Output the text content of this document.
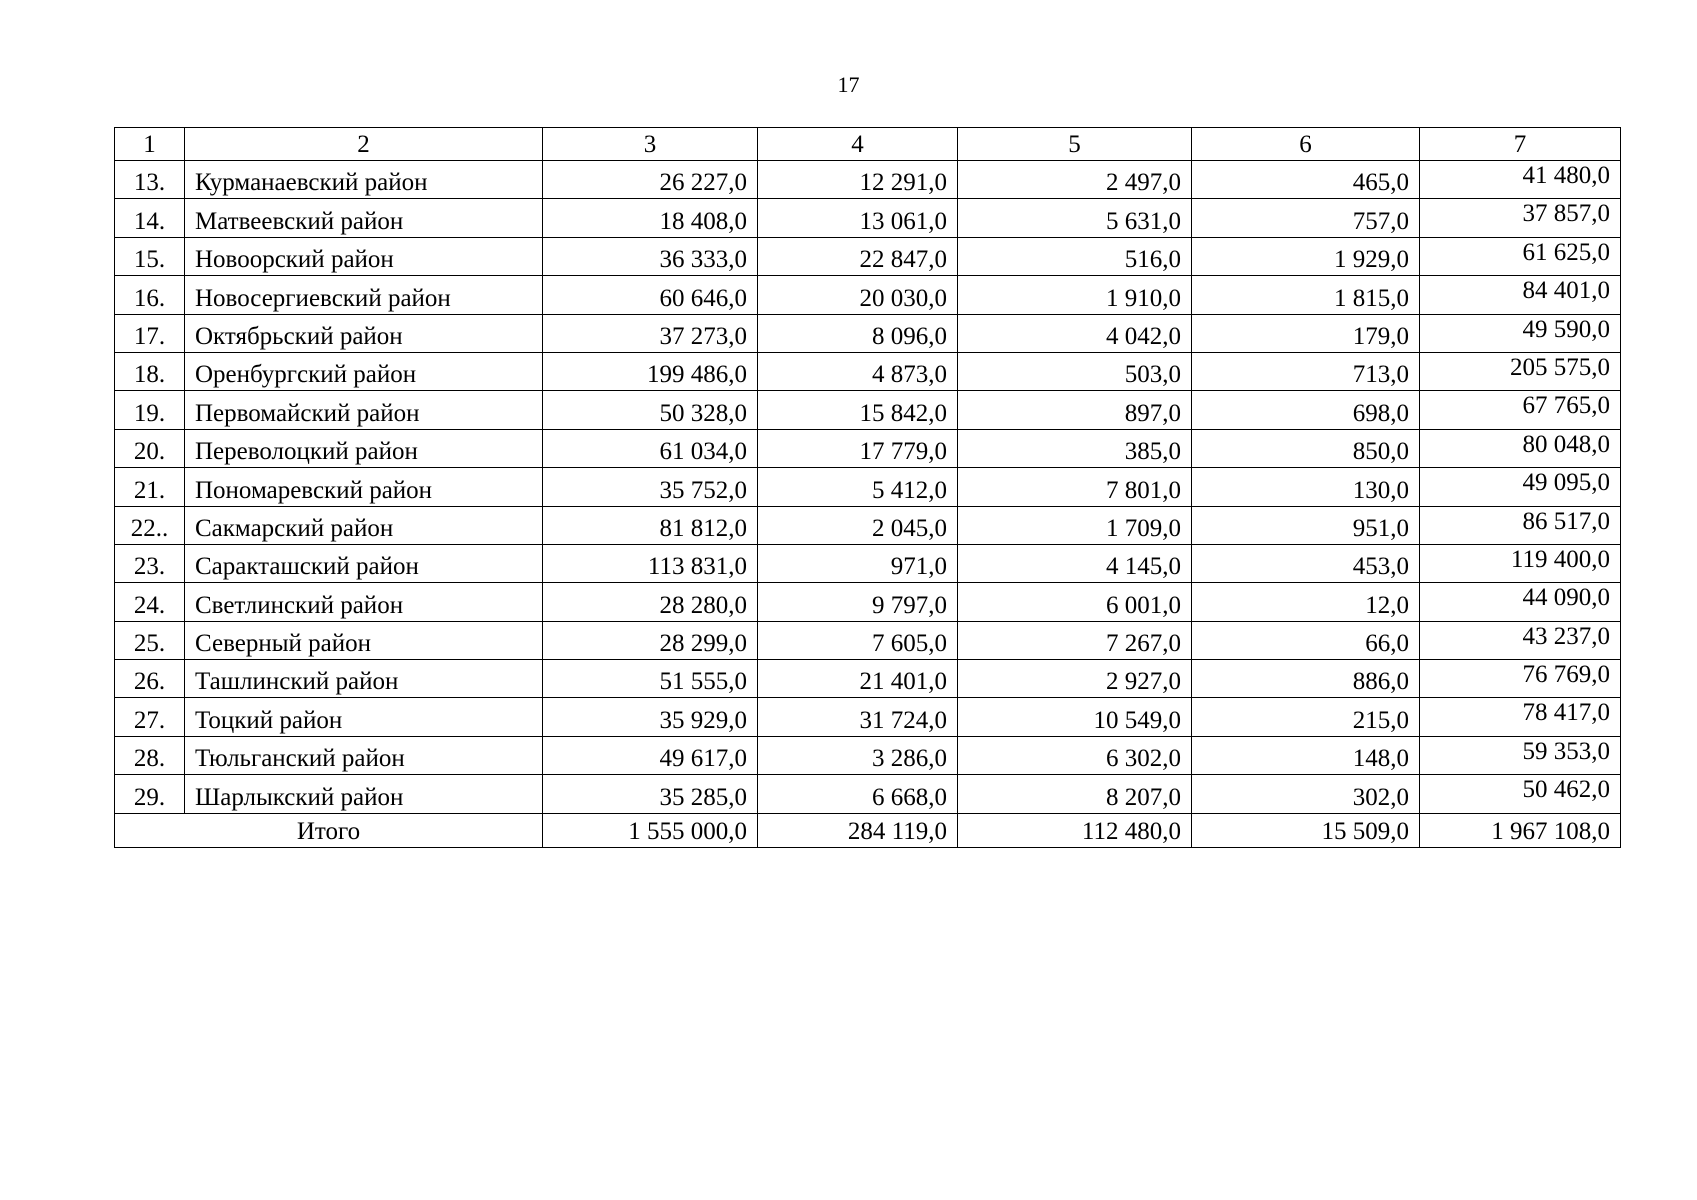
17
1	2	3	4	5	6	7
13.	Курманаевский район	26 227,0	12 291,0	2 497,0	465,0	41 480,0
14.	Матвеевский район	18 408,0	13 061,0	5 631,0	757,0	37 857,0
15.	Новоорский район	36 333,0	22 847,0	516,0	1 929,0	61 625,0
16.	Новосергиевский район	60 646,0	20 030,0	1 910,0	1 815,0	84 401,0
17.	Октябрьский район	37 273,0	8 096,0	4 042,0	179,0	49 590,0
18.	Оренбургский район	199 486,0	4 873,0	503,0	713,0	205 575,0
19.	Первомайский район	50 328,0	15 842,0	897,0	698,0	67 765,0
20.	Переволоцкий район	61 034,0	17 779,0	385,0	850,0	80 048,0
21.	Пономаревский район	35 752,0	5 412,0	7 801,0	130,0	49 095,0
22..	Сакмарский район	81 812,0	2 045,0	1 709,0	951,0	86 517,0
23.	Саракташский район	113 831,0	971,0	4 145,0	453,0	119 400,0
24.	Светлинский район	28 280,0	9 797,0	6 001,0	12,0	44 090,0
25.	Северный район	28 299,0	7 605,0	7 267,0	66,0	43 237,0
26.	Ташлинский район	51 555,0	21 401,0	2 927,0	886,0	76 769,0
27.	Тоцкий район	35 929,0	31 724,0	10 549,0	215,0	78 417,0
28.	Тюльганский район	49 617,0	3 286,0	6 302,0	148,0	59 353,0
29.	Шарлыкский район	35 285,0	6 668,0	8 207,0	302,0	50 462,0
Итого		1 555 000,0	284 119,0	112 480,0	15 509,0	1 967 108,0
